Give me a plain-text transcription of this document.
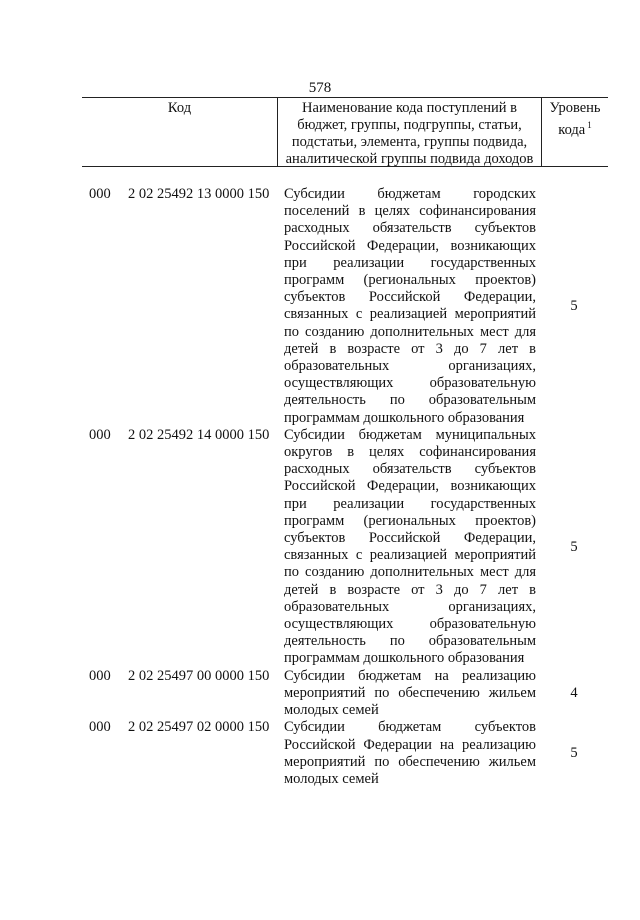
578
Код	Наименование кода поступлений в
бюджет, группы, подгруппы, статьи,
подстатьи, элемента, группы подвида,
аналитической группы подвида доходов
Уровень
кода $^1$
000	2 02 25492 13 0000 150	Субсидии бюджетам городских
поселений в целях софинансирования
расходных обязательств субъектов
Российской Федерации, возникающих
при реализации государственных
программ (региональных проектов)
субъектов Российской Федерации,
связанных с реализацией мероприятий
по созданию дополнительных мест для
детей в возрасте от 3 до 7 лет в
образовательных организациях,
осуществляющих образовательную
деятельность по образовательным
программам дошкольного образования
5
000	2 02 25492 14 0000 150	Субсидии бюджетам муниципальных
округов в целях софинансирования
расходных обязательств субъектов
Российской Федерации, возникающих
при реализации государственных
программ (региональных проектов)
субъектов Российской Федерации,
связанных с реализацией мероприятий
по созданию дополнительных мест для
детей в возрасте от 3 до 7 лет в
образовательных организациях,
осуществляющих образовательную
деятельность по образовательным
программам дошкольного образования
5
000	2 02 25497 00 0000 150	Субсидии бюджетам на реализацию
мероприятий по обеспечению жильем
молодых семей
4
000	2 02 25497 02 0000 150	Субсидии бюджетам субъектов
Российской Федерации на реализацию
мероприятий по обеспечению жильем
молодых семей
5
